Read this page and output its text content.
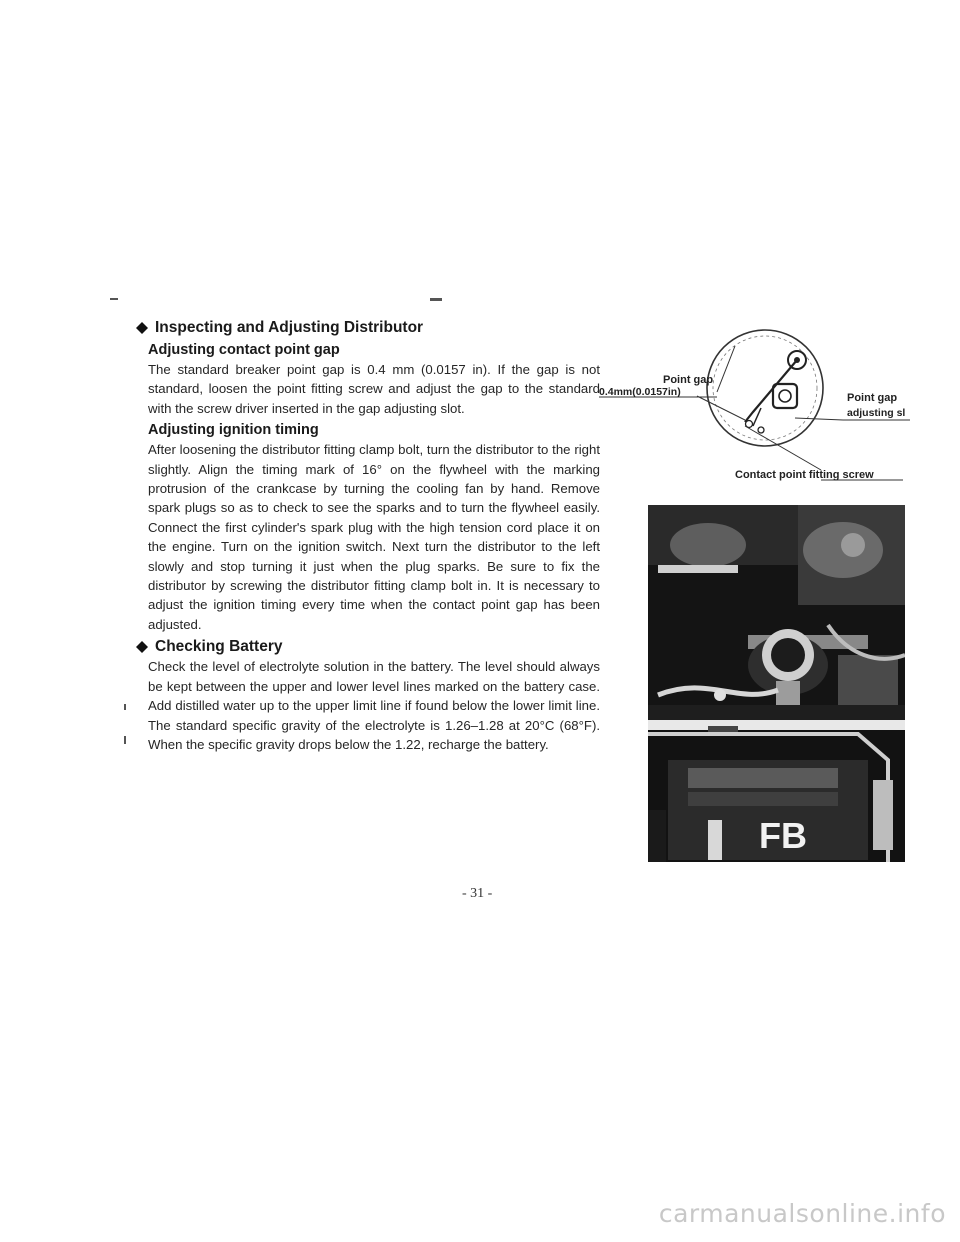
Inspecting and Adjusting Distributor

Adjusting contact point gap

The standard breaker point gap is 0.4 mm (0.0157 in). If the gap is not standard, loosen the point fitting screw and adjust the gap to the standard with the screw driver inserted in the gap adjusting slot.

Adjusting ignition timing

After loosening the distributor fitting clamp bolt, turn the distributor to the right slightly. Align the timing mark of 16° on the flywheel with the marking protrusion of the crankcase by turning the cooling fan by hand. Remove spark plugs so as to check to see the sparks and to turn the flywheel easily. Connect the first cylinder's spark plug with the high tension cord place it on the engine. Turn on the ignition switch. Next turn the distributor to the left slowly and stop turning it just when the plug sparks. Be sure to fix the distributor by screwing the distributor fitting clamp bolt in. It is necessary to adjust the ignition timing every time when the contact point gap has been adjusted.

Checking Battery

Check the level of electrolyte solution in the battery. The level should always be kept between the upper and lower level lines marked on the battery case. Add distilled water up to the upper limit line if found below the lower limit line. The standard specific gravity of the electrolyte is 1.26–1.28 at 20°C (68°F). When the specific gravity drops below the 1.22, recharge the battery.

Point gap
0.4mm(0.0157in)	Point gap
adjusting sl
Contact point fitting screw
FB
- 31 -
carmanualsonline.info
